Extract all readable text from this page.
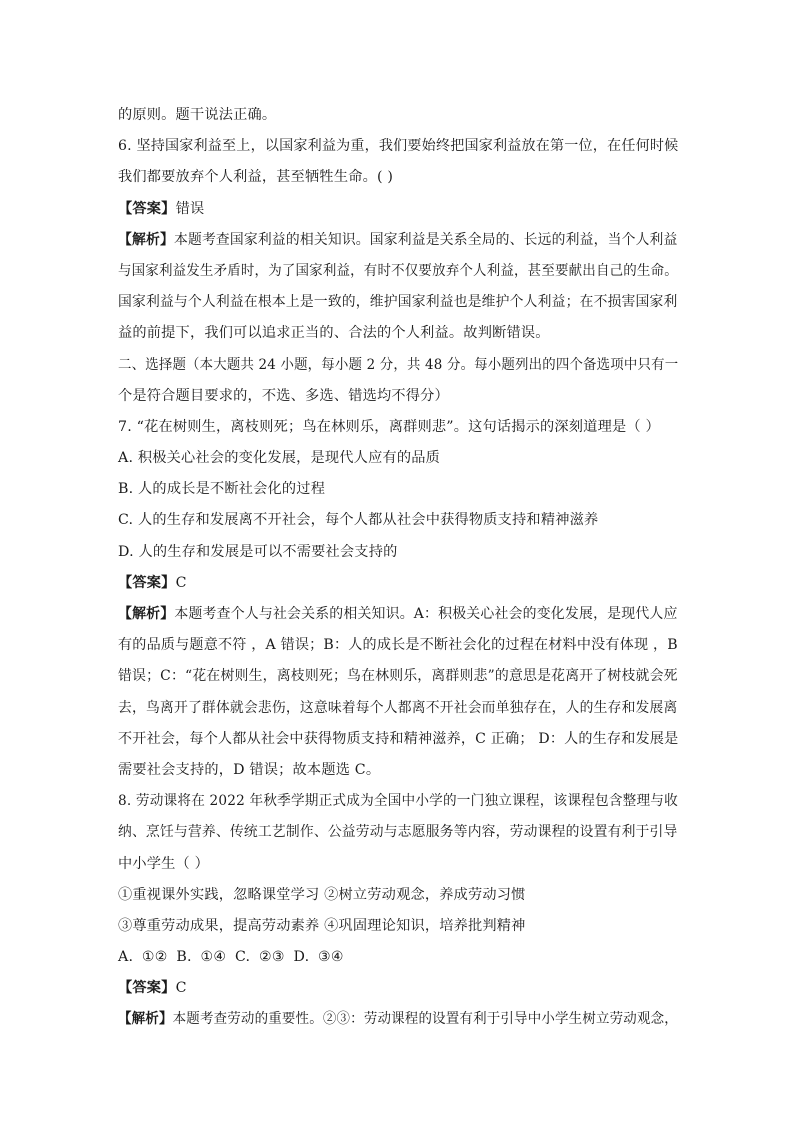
的原则。题干说法正确。
6. 坚持国家利益至上，以国家利益为重，我们要始终把国家利益放在第一位，在任何时候
我们都要放弃个人利益，甚至牺牲生命。( )
【答案】错误
【解析】本题考查国家利益的相关知识。国家利益是关系全局的、长远的利益，当个人利益
与国家利益发生矛盾时，为了国家利益，有时不仅要放弃个人利益，甚至要献出自己的生命。
国家利益与个人利益在根本上是一致的，维护国家利益也是维护个人利益；在不损害国家利
益的前提下，我们可以追求正当的、合法的个人利益。故判断错误。
二、选择题（本大题共 24 小题，每小题 2 分，共 48 分。每小题列出的四个备选项中只有一
个是符合题目要求的，不选、多选、错选均不得分）
7. “花在树则生，离枝则死；鸟在林则乐，离群则悲”。这句话揭示的深刻道理是（ ）
A. 积极关心社会的变化发展，是现代人应有的品质
B. 人的成长是不断社会化的过程
C. 人的生存和发展离不开社会，每个人都从社会中获得物质支持和精神滋养
D. 人的生存和发展是可以不需要社会支持的
【答案】C
【解析】本题考查个人与社会关系的相关知识。A：积极关心社会的变化发展，是现代人应
有的品质与题意不符 ，A 错误；B：人的成长是不断社会化的过程在材料中没有体现 ，B
错误；C：“花在树则生，离枝则死；鸟在林则乐，离群则悲”的意思是花离开了树枝就会死
去，鸟离开了群体就会悲伤，这意味着每个人都离不开社会而单独存在，人的生存和发展离
不开社会，每个人都从社会中获得物质支持和精神滋养，C 正确； D：人的生存和发展是
需要社会支持的，D 错误；故本题选 C。
8. 劳动课将在 2022 年秋季学期正式成为全国中小学的一门独立课程，该课程包含整理与收
纳、烹饪与营养、传统工艺制作、公益劳动与志愿服务等内容，劳动课程的设置有利于引导
中小学生（ ）
①重视课外实践，忽略课堂学习 ②树立劳动观念，养成劳动习惯
③尊重劳动成果，提高劳动素养 ④巩固理论知识，培养批判精神
A. ①② B. ①④ C. ②③ D. ③④
【答案】C
【解析】本题考查劳动的重要性。②③：劳动课程的设置有利于引导中小学生树立劳动观念，
